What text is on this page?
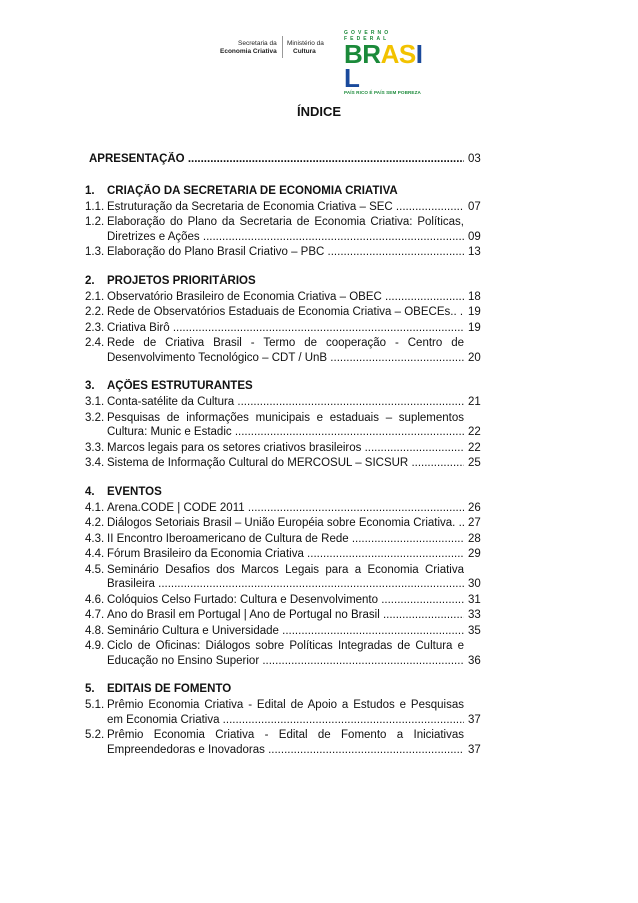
Secretaria da
Economia Criativa
Ministério da
Cultura
GOVERNO FEDERAL
BRASIL
PAÍS RICO É PAÍS SEM POBREZA
ÍNDICE
APRESENTAÇÃO .....	03
1. CRIAÇÃO DA SECRETARIA DE ECONOMIA CRIATIVA
1.1. Estruturação da Secretaria de Economia Criativa – SEC .....	07
1.2. Elaboração do Plano da Secretaria de Economia Criativa: Políticas,
Diretrizes e Ações .....	09
1.3. Elaboração do Plano Brasil Criativo – PBC .....	13
2. PROJETOS PRIORITÁRIOS
2.1. Observatório Brasileiro de Economia Criativa – OBEC .....	18
2.2. Rede de Observatórios Estaduais de Economia Criativa – OBECEs.. ..... 19
2.3. Criativa Birô .....	19
2.4. Rede de Criativa Brasil - Termo de cooperação - Centro de
Desenvolvimento Tecnológico – CDT / UnB .....	20
3. AÇÕES ESTRUTURANTES
3.1. Conta-satélite da Cultura .....	21
3.2. Pesquisas de informações municipais e estaduais – suplementos
Cultura: Munic e Estadic .....	22
3.3. Marcos legais para os setores criativos brasileiros .....	22
3.4. Sistema de Informação Cultural do MERCOSUL – SICSUR .....	25
4. EVENTOS
4.1. Arena.CODE | CODE 2011 .....	26
4.2. Diálogos Setoriais Brasil – União Européia sobre Economia Criativa. .....	27
4.3. II Encontro Iberoamericano de Cultura de Rede .....	28
4.4. Fórum Brasileiro da Economia Criativa .....	29
4.5. Seminário Desafios dos Marcos Legais para a Economia Criativa
Brasileira .....	30
4.6. Colóquios Celso Furtado: Cultura e Desenvolvimento .....	31
4.7. Ano do Brasil em Portugal | Ano de Portugal no Brasil .....	33
4.8. Seminário Cultura e Universidade .....	35
4.9. Ciclo de Oficinas: Diálogos sobre Políticas Integradas de Cultura e
Educação no Ensino Superior .....	36
5. EDITAIS DE FOMENTO
5.1. Prêmio Economia Criativa - Edital de Apoio a Estudos e Pesquisas
em Economia Criativa .....	37
5.2. Prêmio Economia Criativa - Edital de Fomento a Iniciativas
Empreendedoras e Inovadoras .....	37
